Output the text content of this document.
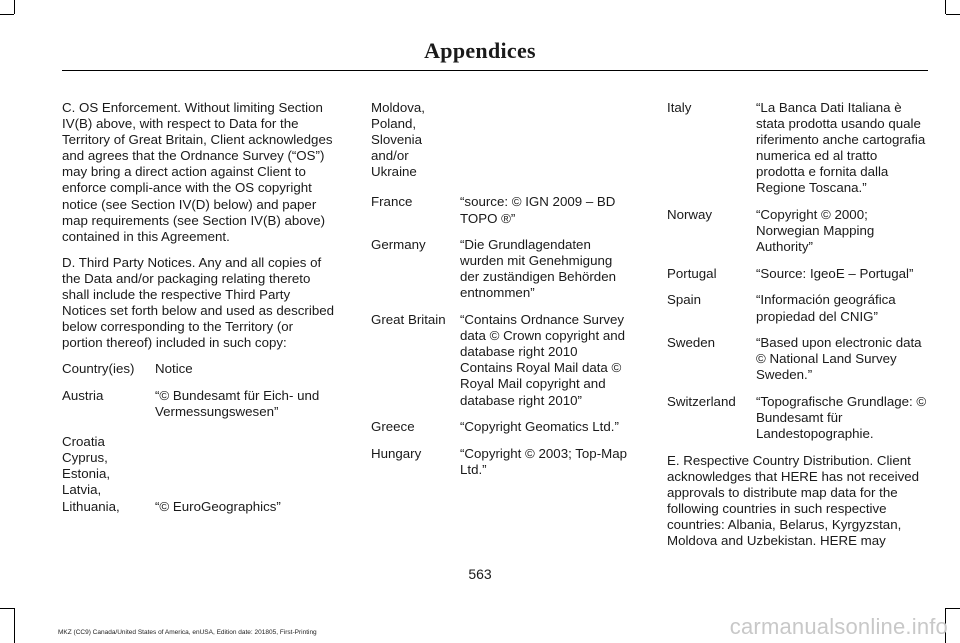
Appendices

C. OS Enforcement. Without limiting Section IV(B) above, with respect to Data for the Territory of Great Britain, Client acknowledges and agrees that the Ordnance Survey (“OS”) may bring a direct action against Client to enforce compli-ance with the OS copyright notice (see Section IV(D) below) and paper map requirements (see Section IV(B) above) contained in this Agreement.

D. Third Party Notices. Any and all copies of the Data and/or packaging relating thereto shall include the respective Third Party Notices set forth below and used as described below corresponding to the Territory (or portion thereof) included in such copy:

Country(ies)	Notice
Austria	“© Bundesamt für Eich- und Vermessungswesen”
Croatia
Cyprus,
Estonia,
Latvia,
Lithuania,	“© EuroGeographics”
Moldova,
Poland,
Slovenia
and/or
Ukraine
France	“source: © IGN 2009 – BD TOPO ®”
Germany	“Die Grundlagendaten wurden mit Genehmigung der zuständigen Behörden entnommen”
Great Britain	“Contains Ordnance Survey data © Crown copyright and database right 2010 Contains Royal Mail data © Royal Mail copyright and database right 2010”
Greece	“Copyright Geomatics Ltd.”
Hungary	“Copyright © 2003; Top-Map Ltd.”
Italy	“La Banca Dati Italiana è stata prodotta usando quale riferimento anche cartografia numerica ed al tratto prodotta e fornita dalla Regione Toscana.”
Norway	“Copyright © 2000; Norwegian Mapping Authority”
Portugal	“Source: IgeoE – Portugal”
Spain	“Información geográfica propiedad del CNIG”
Sweden	“Based upon electronic data © National Land Survey Sweden.”
Switzerland	“Topografische Grundlage: © Bundesamt für Landestopographie.

E. Respective Country Distribution. Client acknowledges that HERE has not received approvals to distribute map data for the following countries in such respective countries: Albania, Belarus, Kyrgyzstan, Moldova and Uzbekistan. HERE may

563
MKZ (CC9) Canada/United States of America, enUSA, Edition date: 201805, First-Printing	carmanualsonline.info
